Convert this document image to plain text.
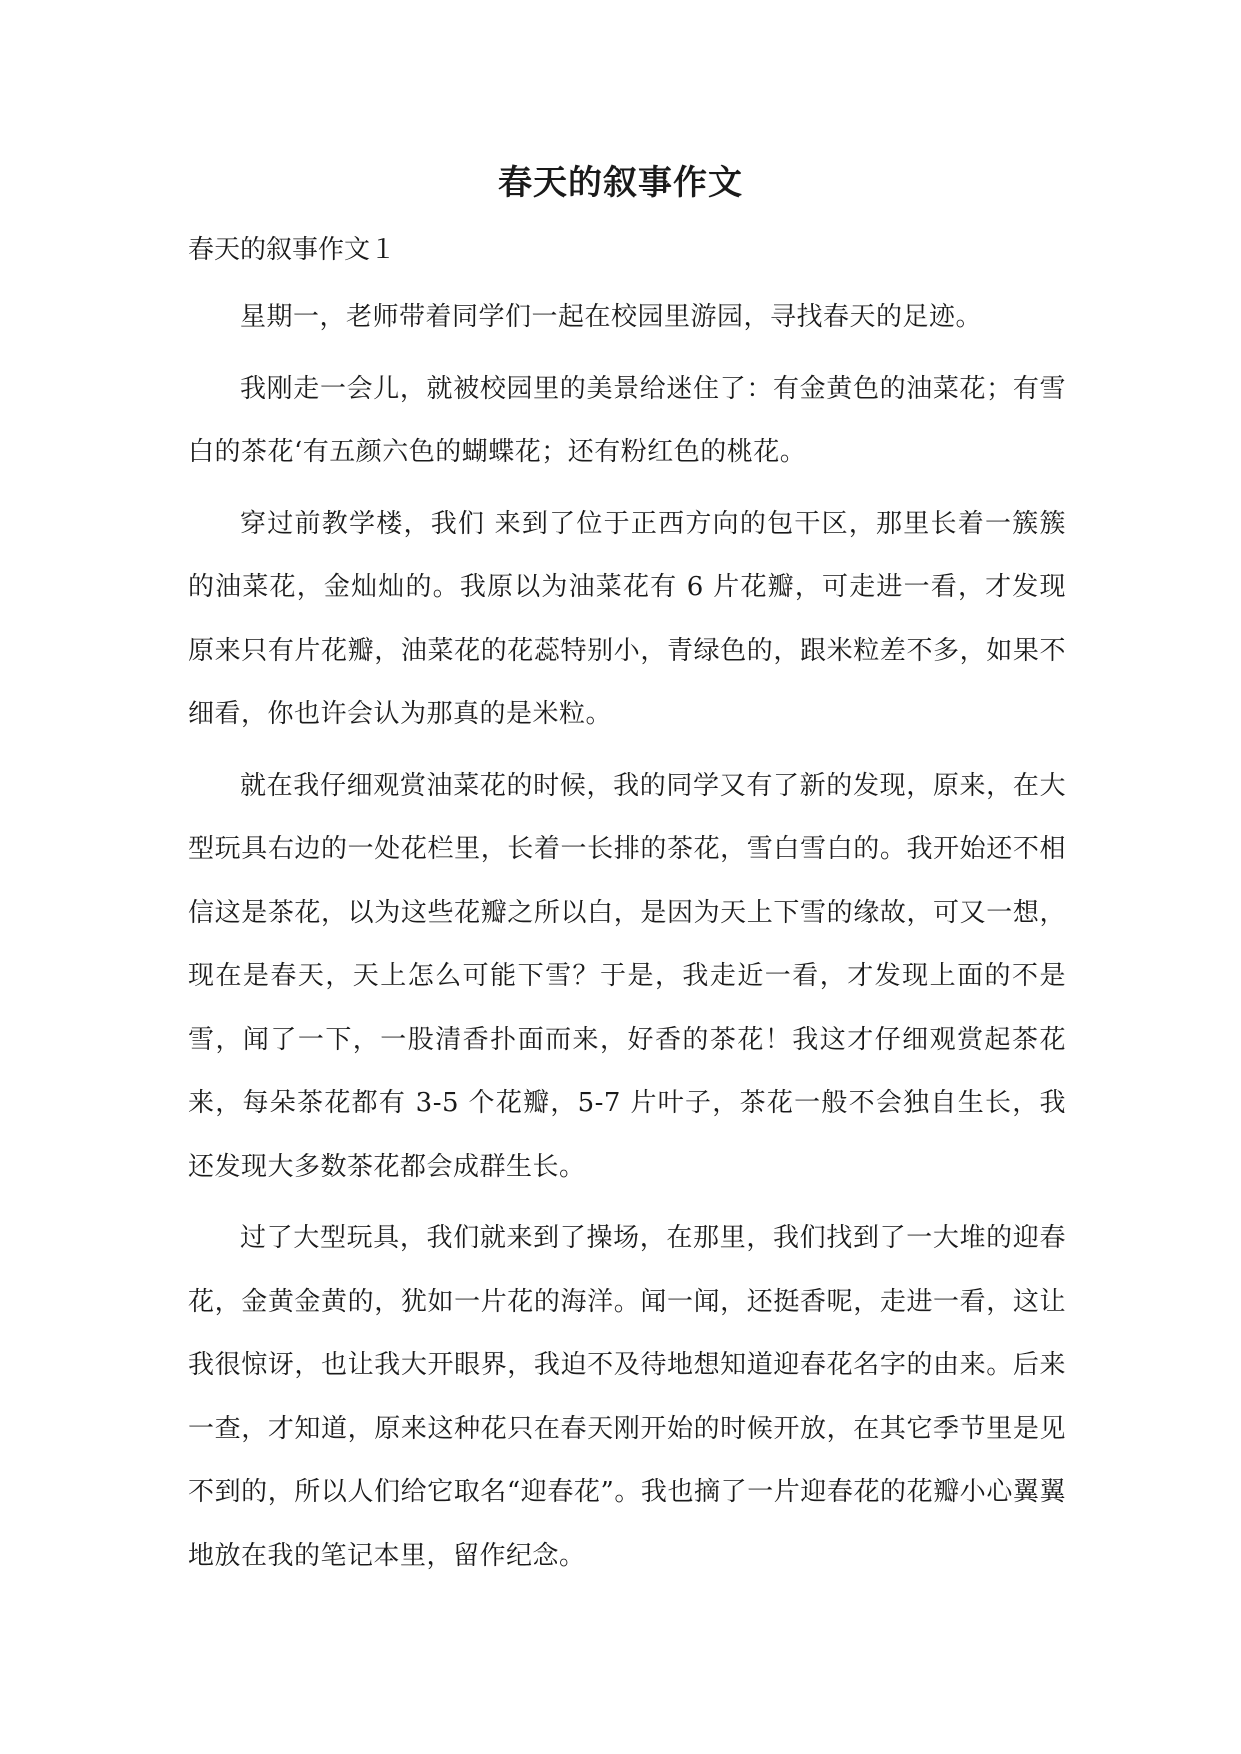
春天的叙事作文

春天的叙事作文１

星期一，老师带着同学们一起在校园里游园，寻找春天的足迹。

我刚走一会儿，就被校园里的美景给迷住了：有金黄色的油菜花；有雪白的茶花‘有五颜六色的蝴蝶花；还有粉红色的桃花。

穿过前教学楼，我们 来到了位于正西方向的包干区，那里长着一簇簇的油菜花，金灿灿的。我原以为油菜花有 6 片花瓣，可走进一看，才发现原来只有片花瓣，油菜花的花蕊特别小，青绿色的，跟米粒差不多，如果不细看，你也许会认为那真的是米粒。

就在我仔细观赏油菜花的时候，我的同学又有了新的发现，原来，在大型玩具右边的一处花栏里，长着一长排的茶花，雪白雪白的。我开始还不相信这是茶花，以为这些花瓣之所以白，是因为天上下雪的缘故，可又一想，现在是春天，天上怎么可能下雪？于是，我走近一看，才发现上面的不是雪，闻了一下，一股清香扑面而来，好香的茶花！我这才仔细观赏起茶花来，每朵茶花都有 3-5 个花瓣，5-7 片叶子，茶花一般不会独自生长，我还发现大多数茶花都会成群生长。

过了大型玩具，我们就来到了操场，在那里，我们找到了一大堆的迎春花，金黄金黄的，犹如一片花的海洋。闻一闻，还挺香呢，走进一看，这让我很惊讶，也让我大开眼界，我迫不及待地想知道迎春花名字的由来。后来一查，才知道，原来这种花只在春天刚开始的时候开放，在其它季节里是见不到的，所以人们给它取名“迎春花”。我也摘了一片迎春花的花瓣小心翼翼地放在我的笔记本里，留作纪念。
